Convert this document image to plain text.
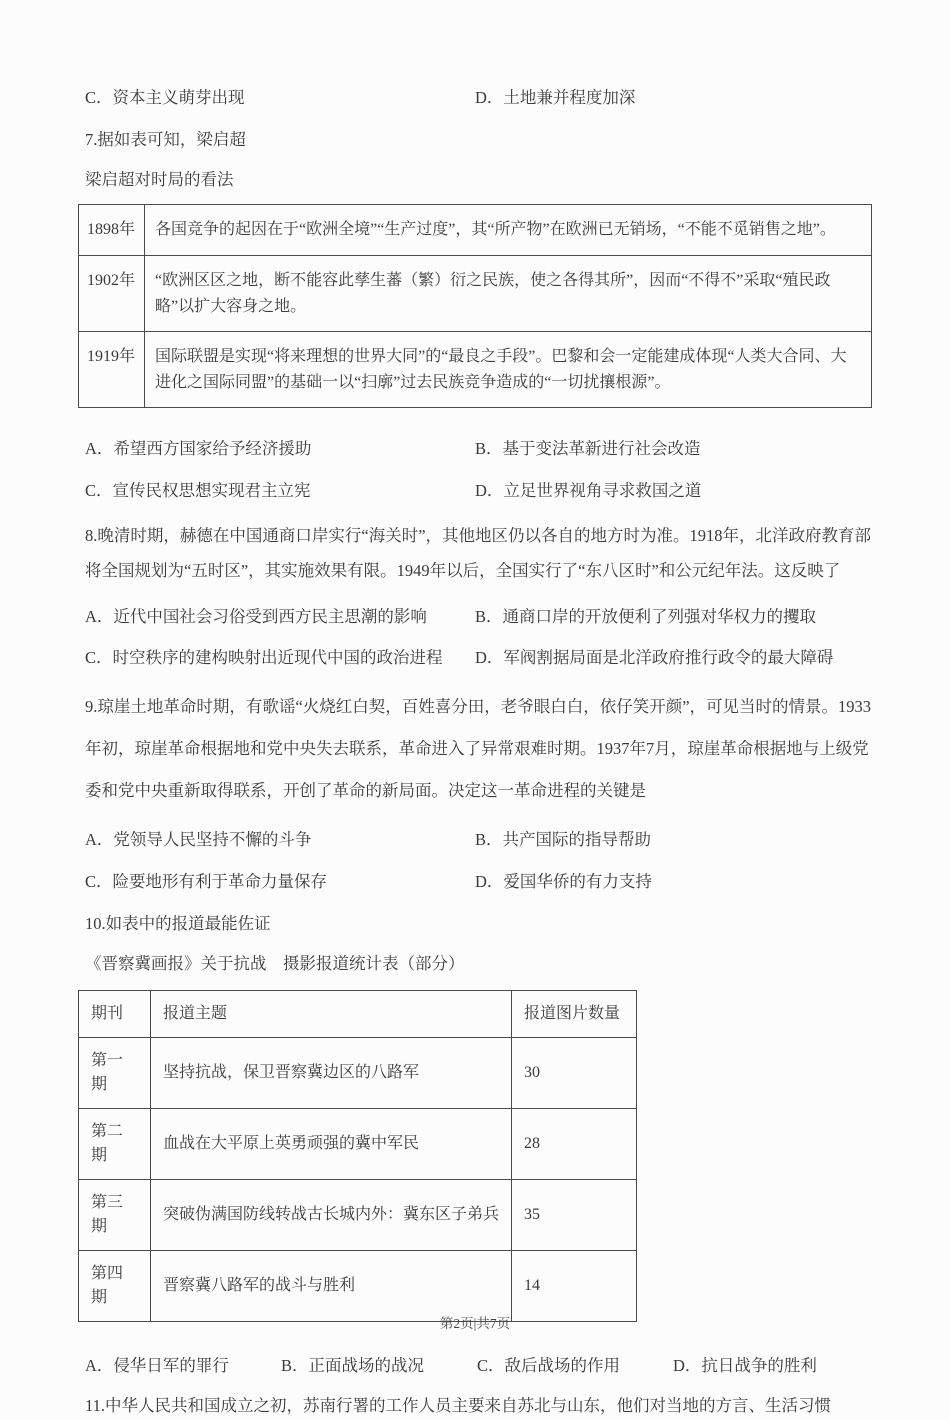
C．资本主义萌芽出现	D．土地兼并程度加深

7.据如表可知，梁启超

梁启超对时局的看法

1898年	各国竞争的起因在于“欧洲全境”“生产过度”，其“所产物”在欧洲已无销场，“不能不觅销售之地”。
1902年	“欧洲区区之地，断不能容此孳生蕃（繁）衍之民族，使之各得其所”，因而“不得不”采取“殖民政略”以扩大容身之地。
1919年	国际联盟是实现“将来理想的世界大同”的“最良之手段”。巴黎和会一定能建成体现“人类大合同、大进化之国际同盟”的基础一以“扫廓”过去民族竞争造成的“一切扰攘根源”。
A．希望西方国家给予经济援助	B．基于变法革新进行社会改造
C．宣传民权思想实现君主立宪	D．立足世界视角寻求救国之道

8.晚清时期，赫德在中国通商口岸实行“海关时”，其他地区仍以各自的地方时为准。1918年，北洋政府教育部将全国规划为“五时区”，其实施效果有限。1949年以后，全国实行了“东八区时”和公元纪年法。这反映了

A．近代中国社会习俗受到西方民主思潮的影响	B．通商口岸的开放便利了列强对华权力的攫取
C．时空秩序的建构映射出近现代中国的政治进程	D．军阀割据局面是北洋政府推行政令的最大障碍

9.琼崖土地革命时期，有歌谣“火烧红白契，百姓喜分田，老爷眼白白，依仔笑开颜”，可见当时的情景。1933年初，琼崖革命根据地和党中央失去联系，革命进入了异常艰难时期。1937年7月，琼崖革命根据地与上级党委和党中央重新取得联系，开创了革命的新局面。决定这一革命进程的关键是

A．党领导人民坚持不懈的斗争	B．共产国际的指导帮助
C．险要地形有利于革命力量保存	D．爱国华侨的有力支持

10.如表中的报道最能佐证

《晋察冀画报》关于抗战　摄影报道统计表（部分）

期刊	报道主题	报道图片数量
第一期	坚持抗战，保卫晋察冀边区的八路军	30
第二期	血战在大平原上英勇顽强的冀中军民	28
第三期	突破伪满国防线转战古长城内外：冀东区子弟兵	35
第四期	晋察冀八路军的战斗与胜利	14
A．侵华日军的罪行	B．正面战场的战况	C．敌后战场的作用	D．抗日战争的胜利

11.中华人民共和国成立之初，苏南行署的工作人员主要来自苏北与山东，他们对当地的方言、生活习惯

第2页|共7页
